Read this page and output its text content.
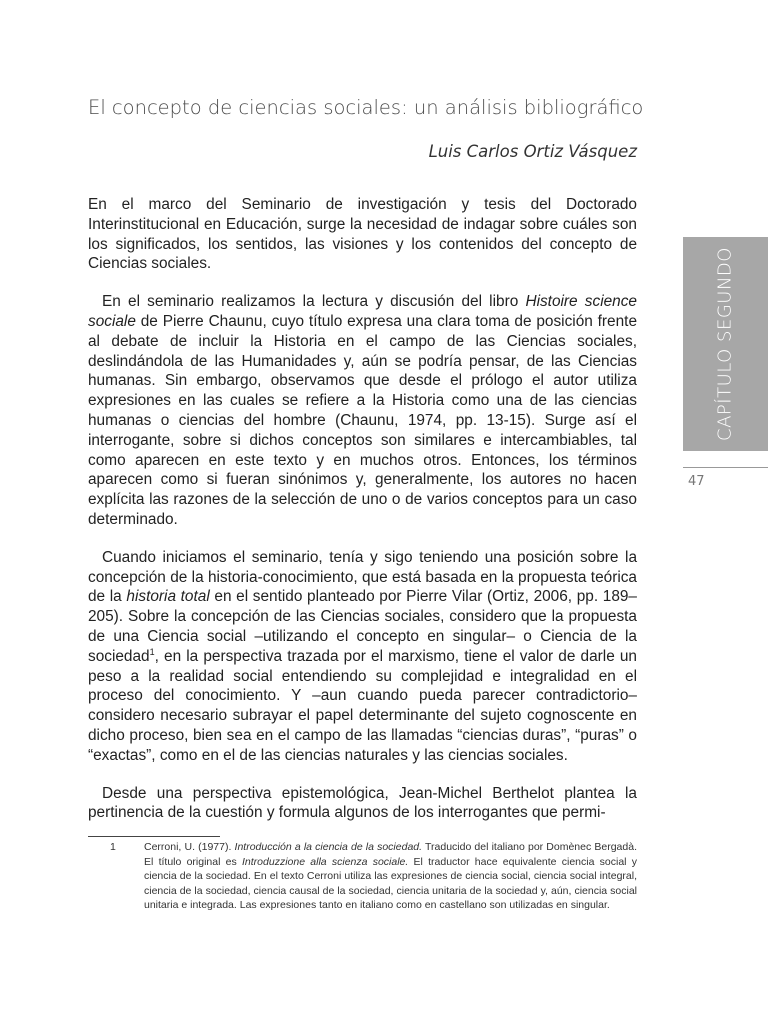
El concepto de ciencias sociales: un análisis bibliográfico
Luis Carlos Ortiz Vásquez

En el marco del Seminario de investigación y tesis del Doctorado Interinstitucional en Educación, surge la necesidad de indagar sobre cuáles son los significados, los sentidos, las visiones y los contenidos del concepto de Ciencias sociales.

En el seminario realizamos la lectura y discusión del libro Histoire science sociale de Pierre Chaunu, cuyo título expresa una clara toma de posición frente al debate de incluir la Historia en el campo de las Ciencias sociales, deslindándola de las Humanidades y, aún se podría pensar, de las Ciencias humanas. Sin embargo, observamos que desde el prólogo el autor utiliza expresiones en las cuales se refiere a la Historia como una de las ciencias humanas o ciencias del hombre (Chaunu, 1974, pp. 13-15). Surge así el interrogante, sobre si dichos conceptos son similares e intercambiables, tal como aparecen en este texto y en muchos otros. Entonces, los términos aparecen como si fueran sinónimos y, generalmente, los autores no hacen explícita las razones de la selección de uno o de varios conceptos para un caso determinado.

Cuando iniciamos el seminario, tenía y sigo teniendo una posición sobre la concepción de la historia-conocimiento, que está basada en la propuesta teórica de la historia total en el sentido planteado por Pierre Vilar (Ortiz, 2006, pp. 189–205). Sobre la concepción de las Ciencias sociales, considero que la propuesta de una Ciencia social –utilizando el concepto en singular– o Ciencia de la sociedad$^1$, en la perspectiva trazada por el marxismo, tiene el valor de darle un peso a la realidad social entendiendo su complejidad e integralidad en el proceso del conocimiento. Y –aun cuando pueda parecer contradictorio– considero necesario subrayar el papel determinante del sujeto cognoscente en dicho proceso, bien sea en el campo de las llamadas “ciencias duras”, “puras” o “exactas”, como en el de las ciencias naturales y las ciencias sociales.

Desde una perspectiva epistemológica, Jean-Michel Berthelot plantea la pertinencia de la cuestión y formula algunos de los interrogantes que permi-

CAPÍTULO SEGUNDO
47
1	Cerroni, U. (1977). Introducción a la ciencia de la sociedad. Traducido del italiano por Domènec Bergadà. El título original es Introduzzione alla scienza sociale. El traductor hace equivalente ciencia social y ciencia de la sociedad. En el texto Cerroni utiliza las expresiones de ciencia social, ciencia social integral, ciencia de la sociedad, ciencia causal de la sociedad, ciencia unitaria de la sociedad y, aún, ciencia social unitaria e integrada. Las expresiones tanto en italiano como en castellano son utilizadas en singular.
